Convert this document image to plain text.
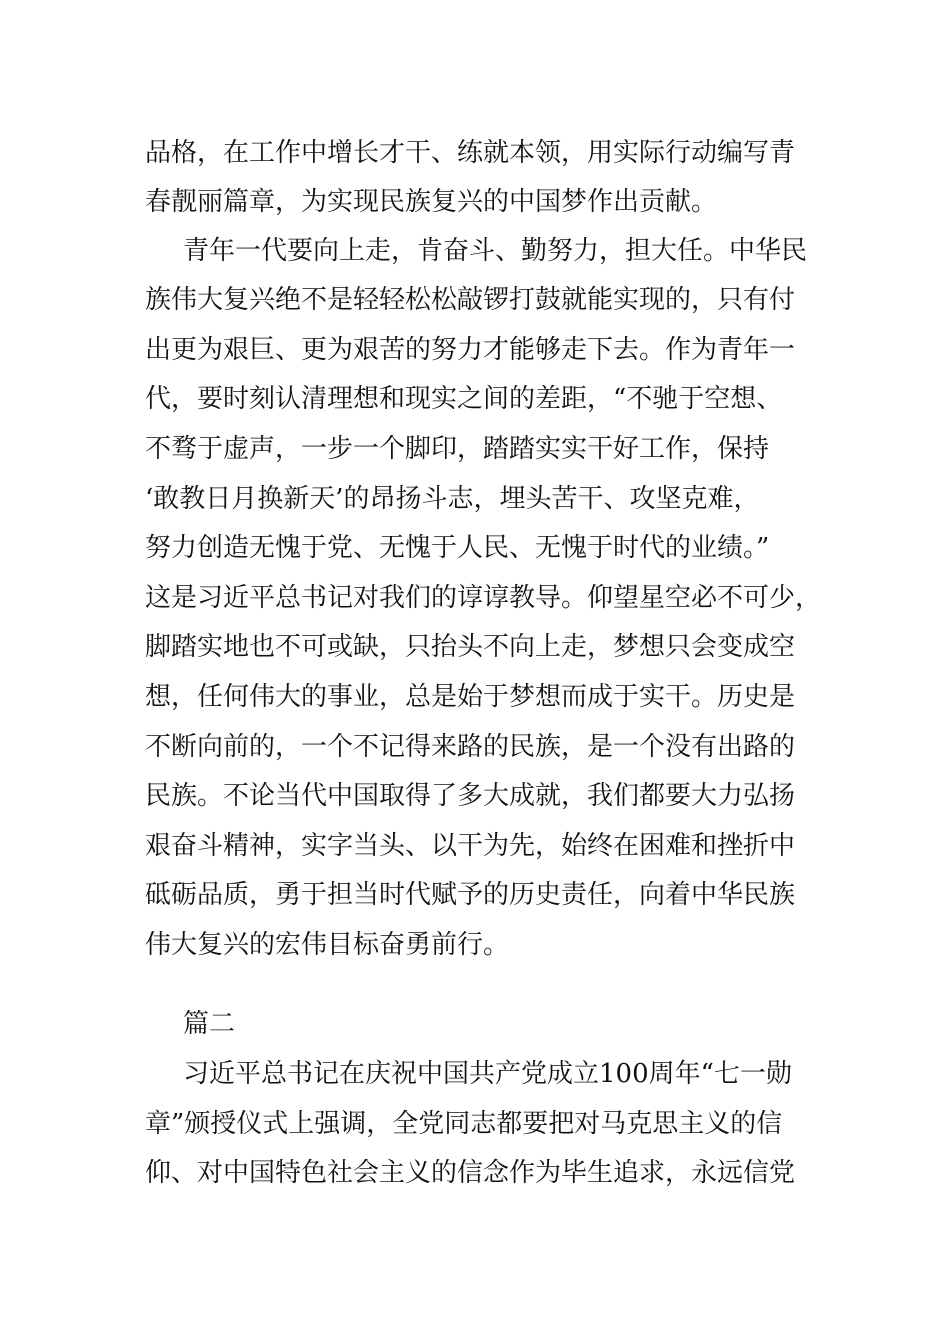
品格，在工作中增长才干、练就本领，用实际行动编写青

春靓丽篇章，为实现民族复兴的中国梦作出贡献。

青年一代要向上走，肯奋斗、勤努力，担大任。中华民

族伟大复兴绝不是轻轻松松敲锣打鼓就能实现的，只有付

出更为艰巨、更为艰苦的努力才能够走下去。作为青年一

代，要时刻认清理想和现实之间的差距，“不驰于空想、

不骛于虚声，一步一个脚印，踏踏实实干好工作，保持

‘敢教日月换新天’的昂扬斗志，埋头苦干、攻坚克难，

努力创造无愧于党、无愧于人民、无愧于时代的业绩。”

这是习近平总书记对我们的谆谆教导。仰望星空必不可少，

脚踏实地也不可或缺，只抬头不向上走，梦想只会变成空

想，任何伟大的事业，总是始于梦想而成于实干。历史是

不断向前的，一个不记得来路的民族，是一个没有出路的

民族。不论当代中国取得了多大成就，我们都要大力弘扬

艰奋斗精神，实字当头、以干为先，始终在困难和挫折中

砥砺品质，勇于担当时代赋予的历史责任，向着中华民族

伟大复兴的宏伟目标奋勇前行。

篇二

习近平总书记在庆祝中国共产党成立100周年“七一勋

章”颁授仪式上强调，全党同志都要把对马克思主义的信

仰、对中国特色社会主义的信念作为毕生追求，永远信党
